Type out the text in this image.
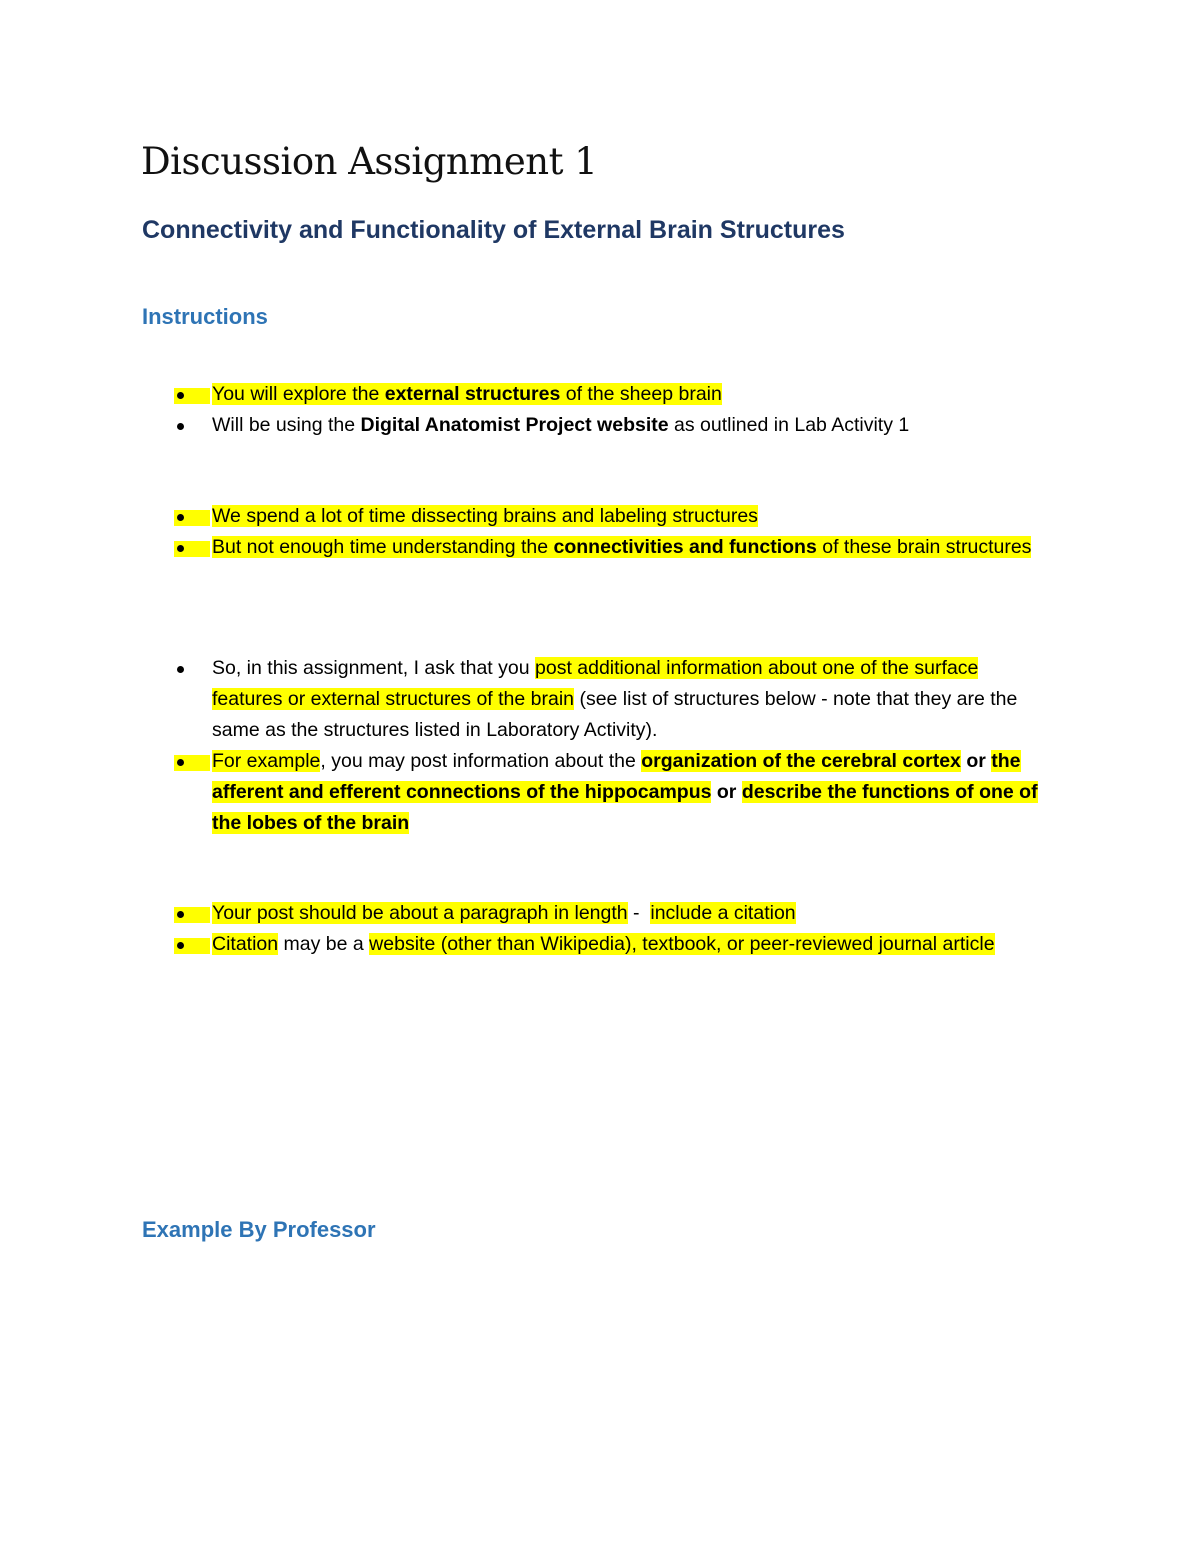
Discussion Assignment 1
Connectivity and Functionality of External Brain Structures
Instructions
You will explore the external structures of the sheep brain
Will be using the Digital Anatomist Project website as outlined in Lab Activity 1
We spend a lot of time dissecting brains and labeling structures
But not enough time understanding the connectivities and functions of these brain structures
So, in this assignment, I ask that you post additional information about one of the surface features or external structures of the brain (see list of structures below - note that they are the same as the structures listed in Laboratory Activity).
For example, you may post information about the organization of the cerebral cortex or the afferent and efferent connections of the hippocampus or describe the functions of one of the lobes of the brain
Your post should be about a paragraph in length -  include a citation
Citation may be a website (other than Wikipedia), textbook, or peer-reviewed journal article
Example By Professor
